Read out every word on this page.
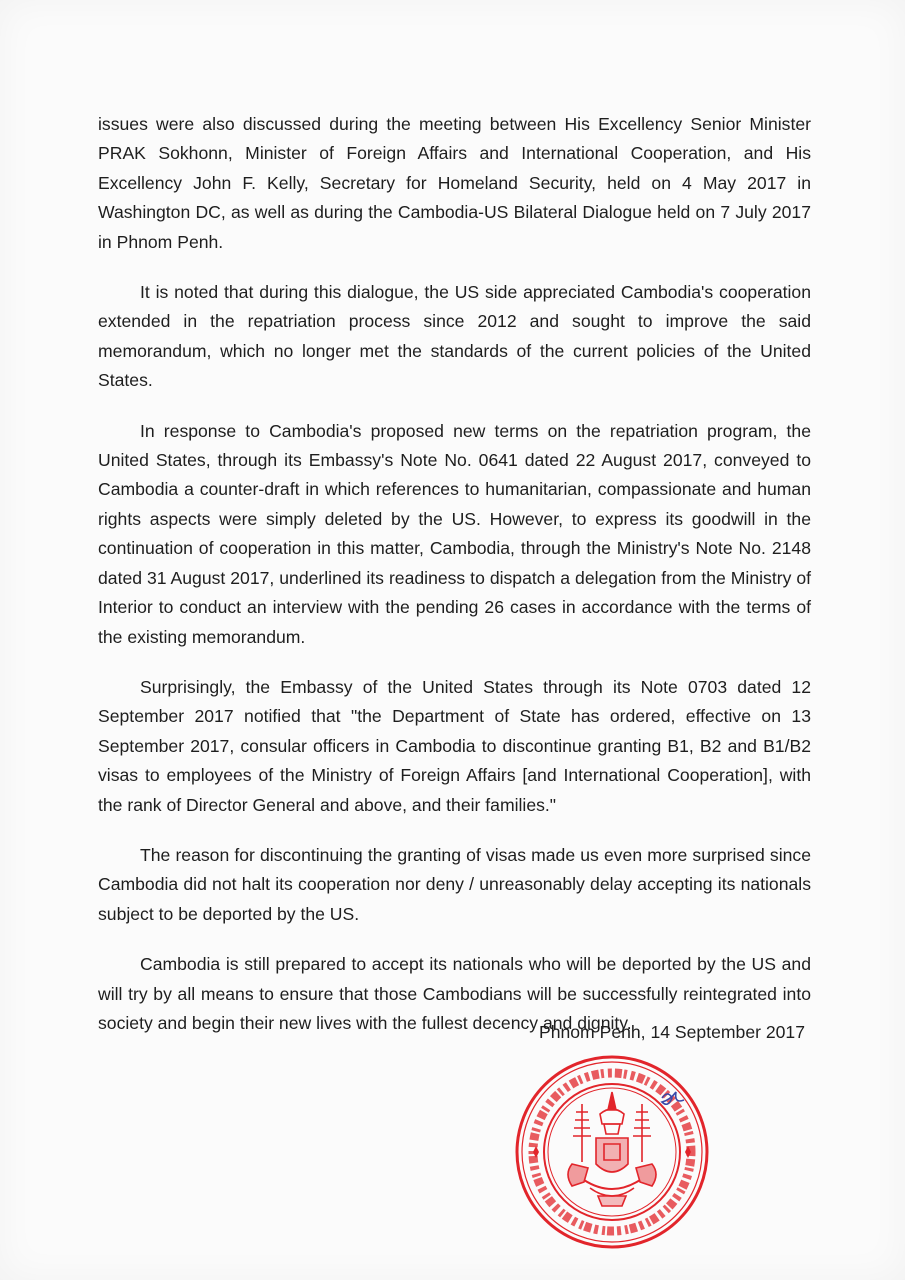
issues were also discussed during the meeting between His Excellency Senior Minister PRAK Sokhonn, Minister of Foreign Affairs and International Cooperation, and His Excellency John F. Kelly, Secretary for Homeland Security, held on 4 May 2017 in Washington DC, as well as during the Cambodia-US Bilateral Dialogue held on 7 July 2017 in Phnom Penh.

It is noted that during this dialogue, the US side appreciated Cambodia's cooperation extended in the repatriation process since 2012 and sought to improve the said memorandum, which no longer met the standards of the current policies of the United States.

In response to Cambodia's proposed new terms on the repatriation program, the United States, through its Embassy's Note No. 0641 dated 22 August 2017, conveyed to Cambodia a counter-draft in which references to humanitarian, compassionate and human rights aspects were simply deleted by the US. However, to express its goodwill in the continuation of cooperation in this matter, Cambodia, through the Ministry's Note No. 2148 dated 31 August 2017, underlined its readiness to dispatch a delegation from the Ministry of Interior to conduct an interview with the pending 26 cases in accordance with the terms of the existing memorandum.

Surprisingly, the Embassy of the United States through its Note 0703 dated 12 September 2017 notified that "the Department of State has ordered, effective on 13 September 2017, consular officers in Cambodia to discontinue granting B1, B2 and B1/B2 visas to employees of the Ministry of Foreign Affairs [and International Cooperation], with the rank of Director General and above, and their families."

The reason for discontinuing the granting of visas made us even more surprised since Cambodia did not halt its cooperation nor deny / unreasonably delay accepting its nationals subject to be deported by the US.

Cambodia is still prepared to accept its nationals who will be deported by the US and will try by all means to ensure that those Cambodians will be successfully reintegrated into society and begin their new lives with the fullest decency and dignity.

Phnom Penh, 14 September 2017
